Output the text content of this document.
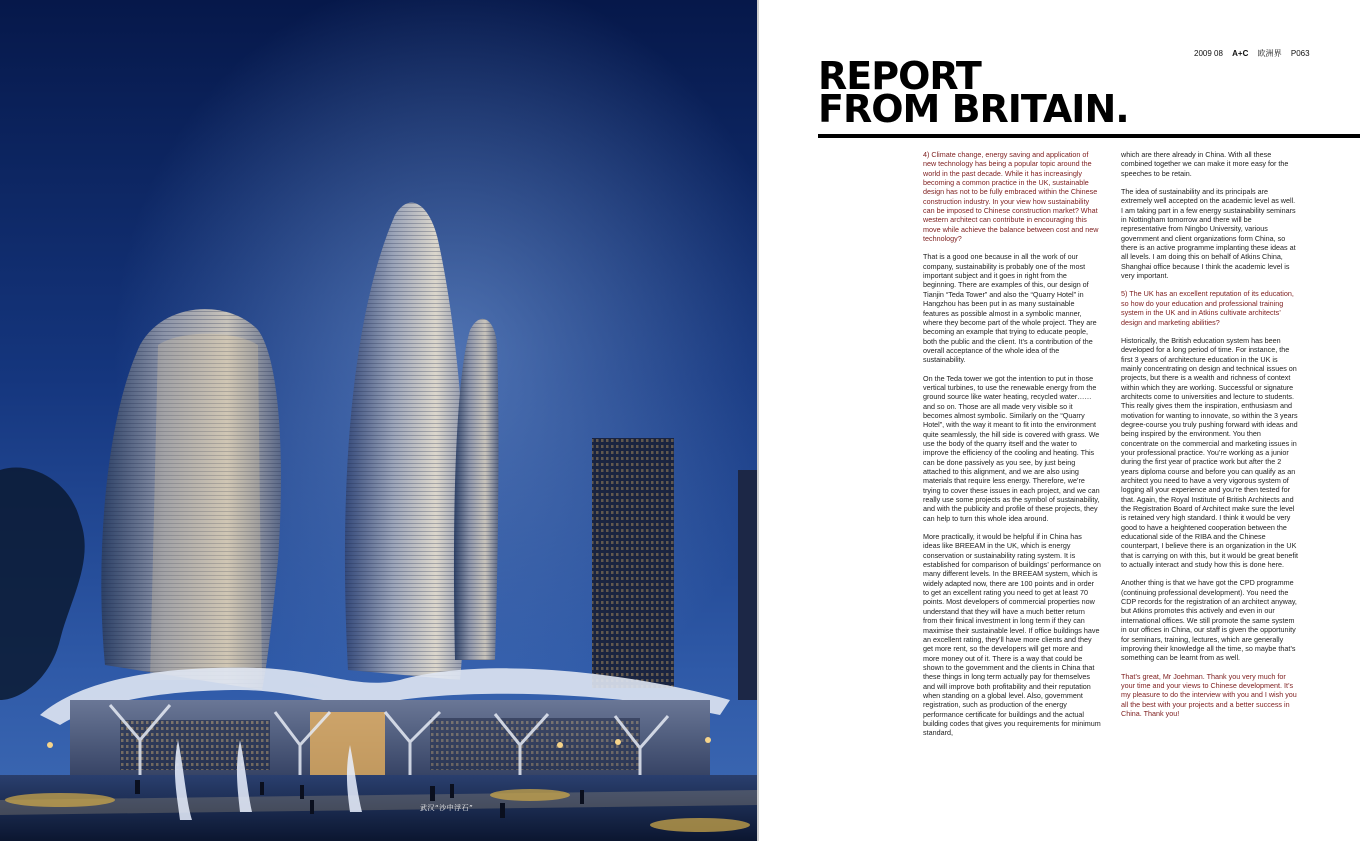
武汉“沙中浮石”
2009 08 A+C 欧洲界 P063
REPORT
FROM BRITAIN.

4) Climate change, energy saving and application of new technology has being a popular topic around the world in the past decade. While it has increasingly becoming a common practice in the UK, sustainable design has not to be fully embraced within the Chinese construction industry. In your view how sustainability can be imposed to Chinese construction market? What western architect can contribute in encouraging this move while achieve the balance between cost and new technology?

That is a good one because in all the work of our company, sustainability is probably one of the most important subject and it goes in right from the beginning. There are examples of this, our design of Tianjin “Teda Tower” and also the “Quarry Hotel” in Hangzhou has been put in as many sustainable features as possible almost in a symbolic manner, where they become part of the whole project. They are becoming an example that trying to educate people, both the public and the client. It’s a contribution of the overall acceptance of the whole idea of the sustainability.

On the Teda tower we got the intention to put in those vertical turbines, to use the renewable energy from the ground source like water heating, recycled water……and so on. Those are all made very visible so it becomes almost symbolic. Similarly on the “Quarry Hotel”, with the way it meant to fit into the environment quite seamlessly, the hill side is covered with grass. We use the body of the quarry itself and the water to improve the efficiency of the cooling and heating. This can be done passively as you see, by just being attached to this alignment, and we are also using materials that require less energy. Therefore, we’re trying to cover these issues in each project, and we can really use some projects as the symbol of sustainability, and with the publicity and profile of these projects, they can help to turn this whole idea around.

More practically, it would be helpful if in China has ideas like BREEAM in the UK, which is energy conservation or sustainability rating system. It is established for comparison of buildings’ performance on many different levels. In the BREEAM system, which is widely adapted now, there are 100 points and in order to get an excellent rating you need to get at least 70 points. Most developers of commercial properties now understand that they will have a much better return from their finical investment in long term if they can maximise their sustainable level. If office buildings have an excellent rating, they’ll have more clients and they get more rent, so the developers will get more and more money out of it. There is a way that could be shown to the government and the clients in China that these things in long term actually pay for themselves and will improve both profitability and their reputation when standing on a global level. Also, government registration, such as production of the energy performance certificate for buildings and the actual building codes that gives you requirements for minimum standard,

which are there already in China. With all these combined together we can make it more easy for the speeches to be retain.

The idea of sustainability and its principals are extremely well accepted on the academic level as well. I am taking part in a few energy sustainability seminars in Nottingham tomorrow and there will be representative from Ningbo University, various government and client organizations form China, so there is an active programme implanting these ideas at all levels. I am doing this on behalf of Atkins China, Shanghai office because I think the academic level is very important.

5) The UK has an excellent reputation of its education, so how do your education and professional training system in the UK and in Atkins cultivate architects’ design and marketing abilities?

Historically, the British education system has been developed for a long period of time. For instance, the first 3 years of architecture education in the UK is mainly concentrating on design and technical issues on projects, but there is a wealth and richness of context within which they are working. Successful or signature architects come to universities and lecture to students. This really gives them the inspiration, enthusiasm and motivation for wanting to innovate, so within the 3 years degree-course you truly pushing forward with ideas and being inspired by the environment. You then concentrate on the commercial and marketing issues in your professional practice. You’re working as a junior during the first year of practice work but after the 2 years diploma course and before you can qualify as an architect you need to have a very vigorous system of logging all your experience and you’re then tested for that. Again, the Royal Institute of British Architects and the Registration Board of Architect make sure the level is retained very high standard. I think it would be very good to have a heightened cooperation between the educational side of the RIBA and the Chinese counterpart, I believe there is an organization in the UK that is carrying on with this, but it would be great benefit to actually interact and study how this is done here.

Another thing is that we have got the CPD programme (continuing professional development). You need the CDP records for the registration of an architect anyway, but Atkins promotes this actively and even in our international offices. We still promote the same system in our offices in China, our staff is given the opportunity for seminars, training, lectures, which are generally improving their knowledge all the time, so maybe that’s something can be learnt from as well.

That’s great, Mr Joehman. Thank you very much for your time and your views to Chinese development. It’s my pleasure to do the interview with you and I wish you all the best with your projects and a better success in China. Thank you!
